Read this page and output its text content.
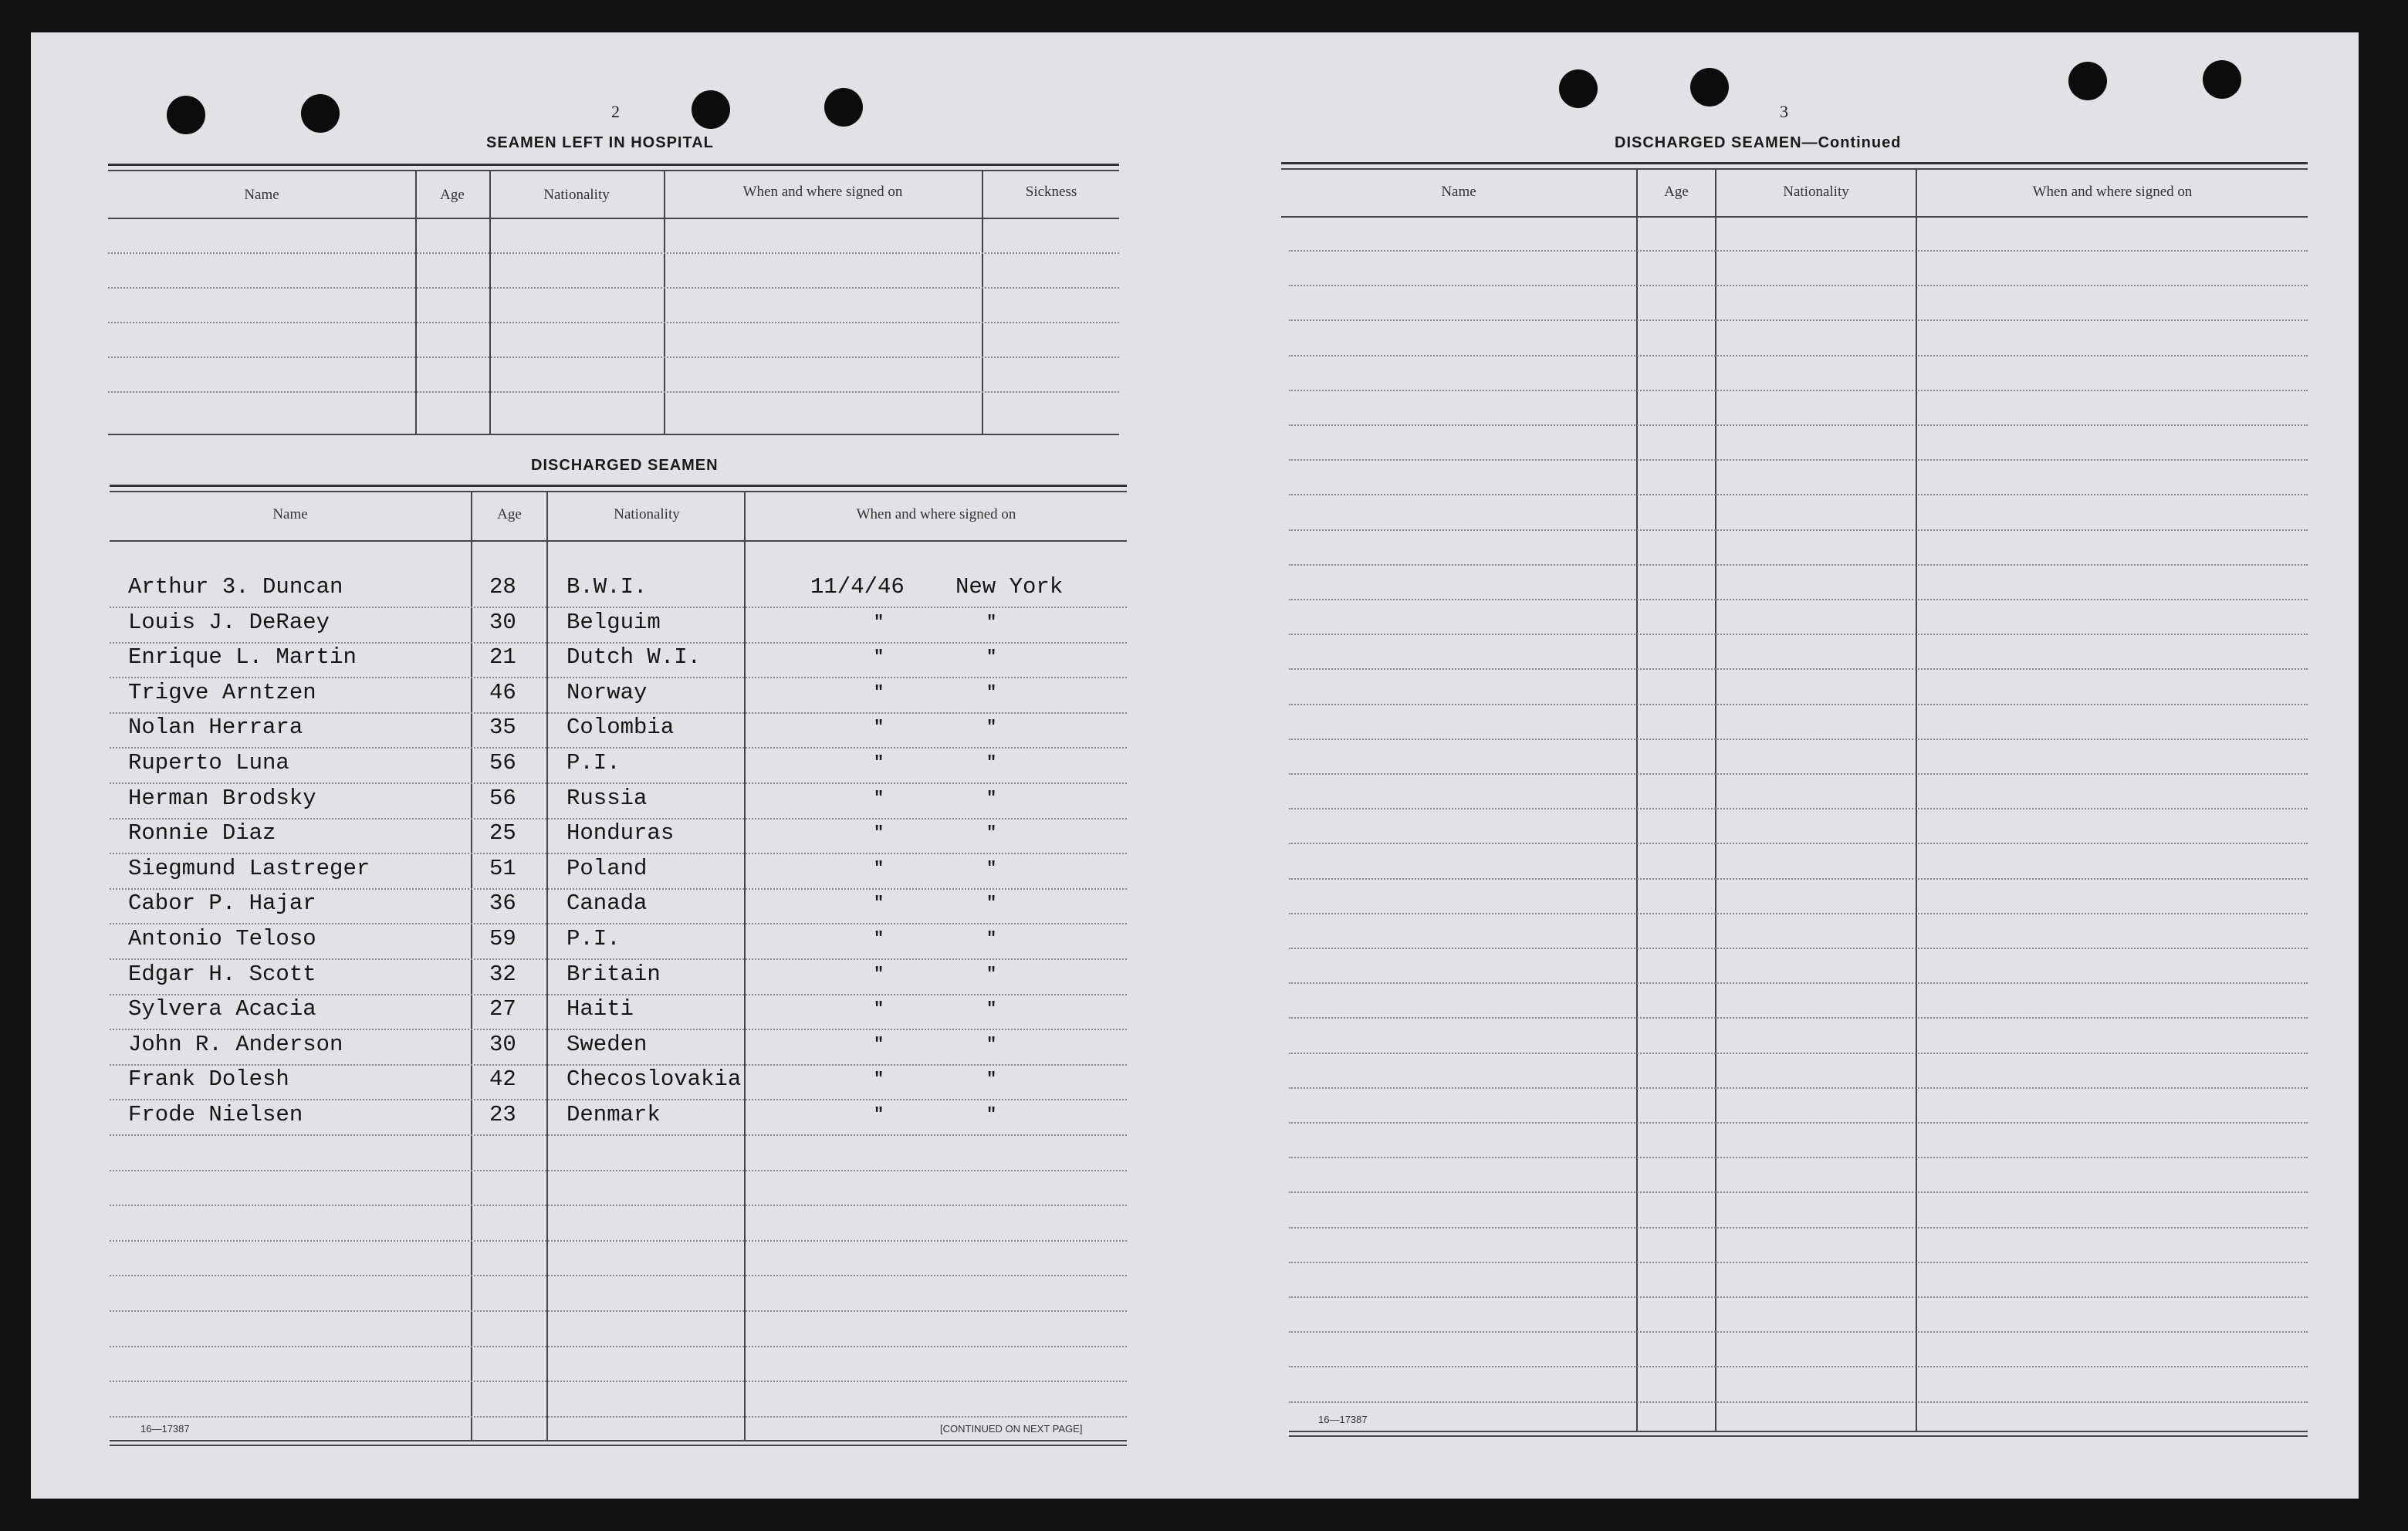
2
SEAMEN LEFT IN HOSPITAL
Name	Age	Nationality	When and where signed on	Sickness
DISCHARGED SEAMEN
Name	Age	Nationality	When and where signed on
Arthur 3. Duncan	28 B.W.I.	11/4/46 New York
Louis J. DeRaey	30 Belguim	"	"
Enrique L. Martin	21 Dutch W.I.	"	"
Trigve Arntzen	46 Norway	"	"
Nolan Herrara	35 Colombia	"	"
Ruperto Luna	56 P.I.	"	"
Herman Brodsky	56 Russia	"	"
Ronnie Diaz	25 Honduras	"	"
Siegmund Lastreger	51 Poland	"	"
Cabor P. Hajar	36 Canada	"	"
Antonio Teloso	59 P.I.	"	"
Edgar H. Scott	32 Britain	"	"
Sylvera Acacia	27 Haiti	"	"
John R. Anderson	30 Sweden	"	"
Frank Dolesh	42 Checoslovakia	"	"
Frode Nielsen	23 Denmark	"	"
16—17387	[CONTINUED ON NEXT PAGE]
3
DISCHARGED SEAMEN—Continued
Name	Age	Nationality	When and where signed on
16—17387
